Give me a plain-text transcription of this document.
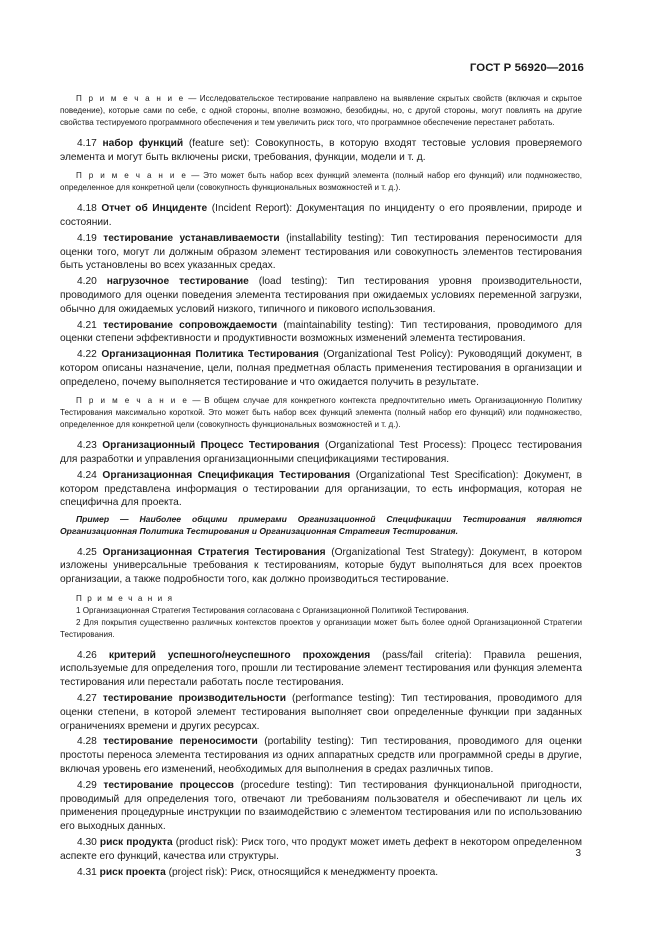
ГОСТ Р 56920—2016

П р и м е ч а н и е — Исследовательское тестирование направлено на выявление скрытых свойств (включая и скрытое поведение), которые сами по себе, с одной стороны, вполне возможно, безобидны, но, с другой стороны, могут повлиять на другие свойства тестируемого программного обеспечения и тем увеличить риск того, что программное обеспечение перестанет работать.

4.17 набор функций (feature set): Совокупность, в которую входят тестовые условия проверяемого элемента и могут быть включены риски, требования, функции, модели и т. д.

П р и м е ч а н и е — Это может быть набор всех функций элемента (полный набор его функций) или подмножество, определенное для конкретной цели (совокупность функциональных возможностей и т. д.).

4.18 Отчет об Инциденте (Incident Report): Документация по инциденту о его проявлении, природе и состоянии.

4.19 тестирование устанавливаемости (installability testing): Тип тестирования переносимости для оценки того, могут ли должным образом элемент тестирования или совокупность элементов тестирования быть установлены во всех указанных средах.

4.20 нагрузочное тестирование (load testing): Тип тестирования уровня производительности, проводимого для оценки поведения элемента тестирования при ожидаемых условиях переменной загрузки, обычно для ожидаемых условий низкого, типичного и пикового использования.

4.21 тестирование сопровождаемости (maintainability testing): Тип тестирования, проводимого для оценки степени эффективности и продуктивности возможных изменений элемента тестирования.

4.22 Организационная Политика Тестирования (Organizational Test Policy): Руководящий документ, в котором описаны назначение, цели, полная предметная область применения тестирования в организации и определено, почему выполняется тестирование и что ожидается получить в результате.

П р и м е ч а н и е — В общем случае для конкретного контекста предпочтительно иметь Организационную Политику Тестирования максимально короткой. Это может быть набор всех функций элемента (полный набор его функций) или подмножество, определенное для конкретной цели (совокупность функциональных возможностей и т. д.).

4.23 Организационный Процесс Тестирования (Organizational Test Process): Процесс тестирования для разработки и управления организационными спецификациями тестирования.

4.24 Организационная Спецификация Тестирования (Organizational Test Specification): Документ, в котором представлена информация о тестировании для организации, то есть информация, которая не специфична для проекта.

Пример — Наиболее общими примерами Организационной Спецификации Тестирования являются Организационная Политика Тестирования и Организационная Стратегия Тестирования.

4.25 Организационная Стратегия Тестирования (Organizational Test Strategy): Документ, в котором изложены универсальные требования к тестированиям, которые будут выполняться для всех проектов организации, а также подробности того, как должно производиться тестирование.

П р и м е ч а н и я

1 Организационная Стратегия Тестирования согласована с Организационной Политикой Тестирования.

2 Для покрытия существенно различных контекстов проектов у организации может быть более одной Организационной Стратегии Тестирования.

4.26 критерий успешного/неуспешного прохождения (pass/fail criteria): Правила решения, используемые для определения того, прошли ли тестирование элемент тестирования или функция элемента тестирования или перестали работать после тестирования.

4.27 тестирование производительности (performance testing): Тип тестирования, проводимого для оценки степени, в которой элемент тестирования выполняет свои определенные функции при заданных ограничениях времени и других ресурсах.

4.28 тестирование переносимости (portability testing): Тип тестирования, проводимого для оценки простоты переноса элемента тестирования из одних аппаратных средств или программной среды в другие, включая уровень его изменений, необходимых для выполнения в средах различных типов.

4.29 тестирование процессов (procedure testing): Тип тестирования функциональной пригодности, проводимый для определения того, отвечают ли требованиям пользователя и обеспечивают ли цель их применения процедурные инструкции по взаимодействию с элементом тестирования или по использованию его выходных данных.

4.30 риск продукта (product risk): Риск того, что продукт может иметь дефект в некотором определенном аспекте его функций, качества или структуры.

4.31 риск проекта (project risk): Риск, относящийся к менеджменту проекта.

3
